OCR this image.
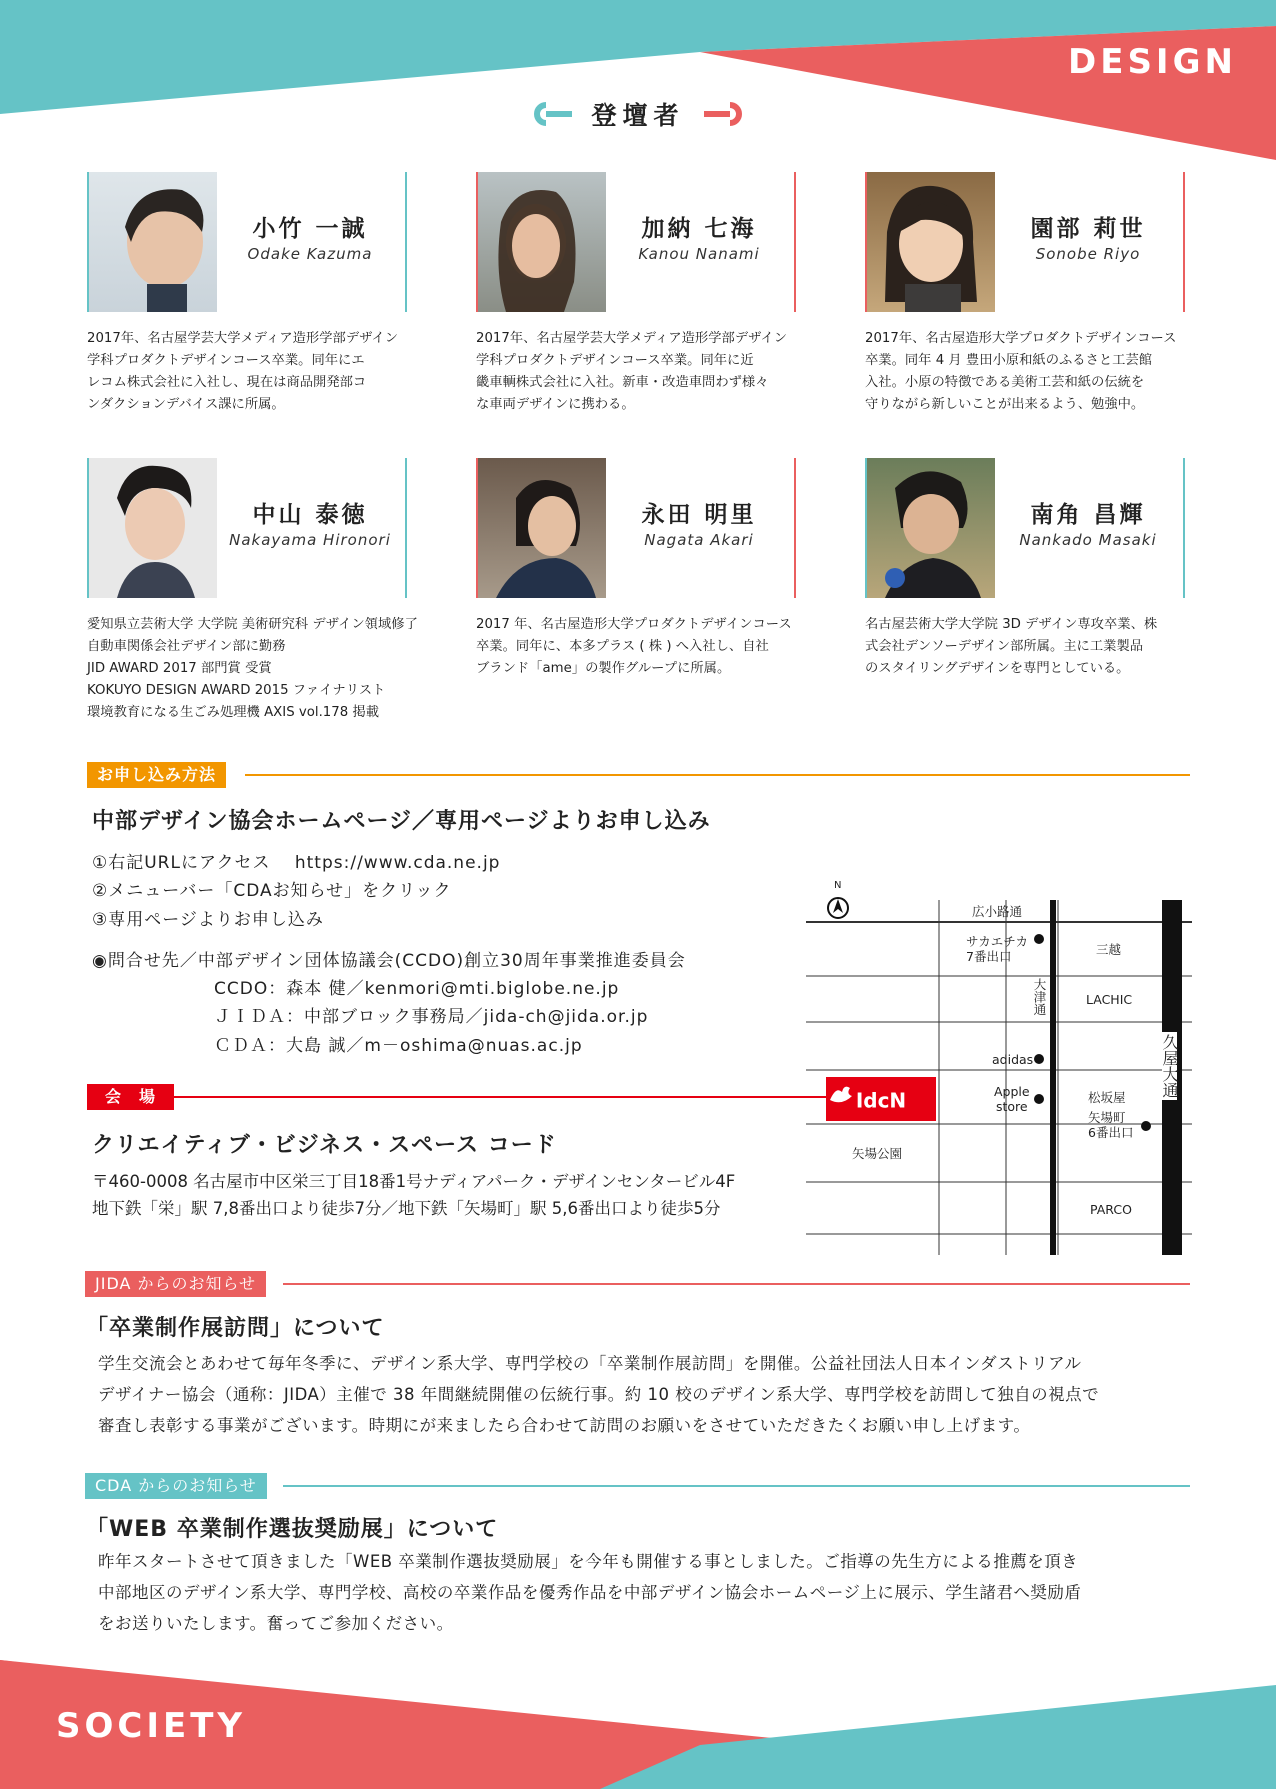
DESIGN
登壇者
小竹 一誠
Odake Kazuma

2017年、名古屋学芸大学メディア造形学部デザイン

学科プロダクトデザインコース卒業。同年にエ

レコム株式会社に入社し、現在は商品開発部コ

ンダクションデバイス課に所属。

加納 七海
Kanou Nanami

2017年、名古屋学芸大学メディア造形学部デザイン

学科プロダクトデザインコース卒業。同年に近

畿車輌株式会社に入社。新車・改造車問わず様々

な車両デザインに携わる。

園部 莉世
Sonobe Riyo

2017年、名古屋造形大学プロダクトデザインコース

卒業。同年 4 月 豊田小原和紙のふるさと工芸館

入社。小原の特徴である美術工芸和紙の伝統を

守りながら新しいことが出来るよう、勉強中。

中山 泰徳
Nakayama Hironori

愛知県立芸術大学 大学院 美術研究科 デザイン領域修了

自動車関係会社デザイン部に勤務

JID AWARD 2017 部門賞 受賞

KOKUYO DESIGN AWARD 2015 ファイナリスト

環境教育になる生ごみ処理機 AXIS vol.178 掲載

永田 明里
Nagata Akari

2017 年、名古屋造形大学プロダクトデザインコース

卒業。同年に、本多プラス ( 株 ) へ入社し、自社

ブランド「ame」の製作グループに所属。

南角 昌輝
Nankado Masaki

名古屋芸術大学大学院 3D デザイン専攻卒業、株

式会社デンソーデザイン部所属。主に工業製品

のスタイリングデザインを専門としている。

お申し込み方法
中部デザイン協会ホームページ／専用ページよりお申し込み
①右記URLにアクセス　 https://www.cda.ne.jp
②メニューバー「CDAお知らせ」をクリック
③専用ページよりお申し込み
◉問合せ先／中部デザイン団体協議会(CCDO)創立30周年事業推進委員会
CCDO：森本 健／kenmori@mti.biglobe.ne.jp
ＪＩＤＡ：中部ブロック事務局／jida-ch@jida.or.jp
ＣＤＡ：大島 誠／m－oshima@nuas.ac.jp
会　場
クリエイティブ・ビジネス・スペース コード
〒460-0008 名古屋市中区栄三丁目18番1号ナディアパーク・デザインセンタービル4F
地下鉄「栄」駅 7,8番出口より徒歩7分／地下鉄「矢場町」駅 5,6番出口より徒歩5分
N
広小路通
サカエチカ
7番出口	三越
大津通	LACHIC
久屋大通
adidas
Apple
store
IdcN	松坂屋
矢場町
6番出口
矢場公園
PARCO
JIDA からのお知らせ
「卒業制作展訪問」について

学生交流会とあわせて毎年冬季に、デザイン系大学、専門学校の「卒業制作展訪問」を開催。公益社団法人日本インダストリアル

デザイナー協会（通称：JIDA）主催で 38 年間継続開催の伝統行事。約 10 校のデザイン系大学、専門学校を訪問して独自の視点で

審査し表彰する事業がございます。時期にが来ましたら合わせて訪問のお願いをさせていただきたくお願い申し上げます。

CDA からのお知らせ
「WEB 卒業制作選抜奨励展」について

昨年スタートさせて頂きました「WEB 卒業制作選抜奨励展」を今年も開催する事としました。ご指導の先生方による推薦を頂き

中部地区のデザイン系大学、専門学校、高校の卒業作品を優秀作品を中部デザイン協会ホームページ上に展示、学生諸君へ奨励盾

をお送りいたします。奮ってご参加ください。

SOCIETY
